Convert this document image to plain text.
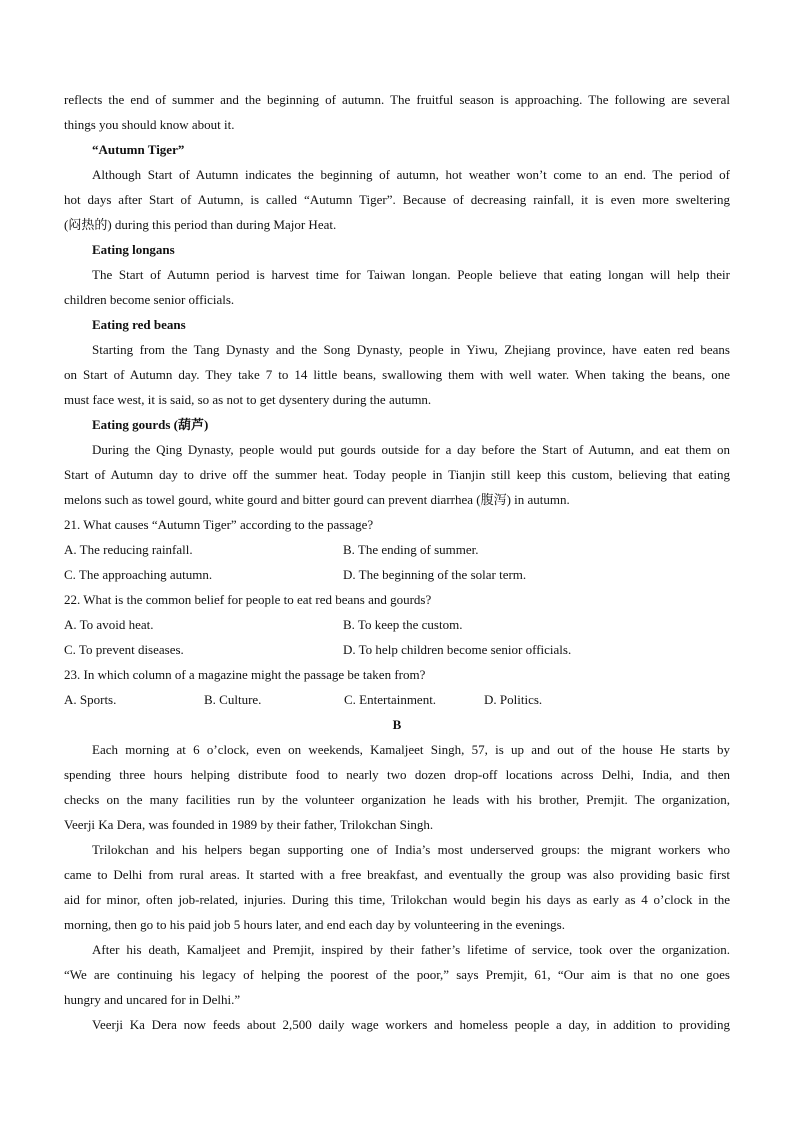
reflects the end of summer and the beginning of autumn. The fruitful season is approaching. The following are several
things you should know about it.
“Autumn Tiger”
Although Start of Autumn indicates the beginning of autumn, hot weather won’t come to an end. The period of
hot days after Start of Autumn, is called “Autumn Tiger”. Because of decreasing rainfall, it is even more sweltering
(闷热的) during this period than during Major Heat.
Eating longans
The Start of Autumn period is harvest time for Taiwan longan. People believe that eating longan will help their
children become senior officials.
Eating red beans
Starting from the Tang Dynasty and the Song Dynasty, people in Yiwu, Zhejiang province, have eaten red beans
on Start of Autumn day. They take 7 to 14 little beans, swallowing them with well water. When taking the beans, one
must face west, it is said, so as not to get dysentery during the autumn.
Eating gourds (葫芦)
During the Qing Dynasty, people would put gourds outside for a day before the Start of Autumn, and eat them on
Start of Autumn day to drive off the summer heat. Today people in Tianjin still keep this custom, believing that eating
melons such as towel gourd, white gourd and bitter gourd can prevent diarrhea (腹泻) in autumn.
21. What causes “Autumn Tiger” according to the passage?
A. The reducing rainfall.	B. The ending of summer.
C. The approaching autumn.	D. The beginning of the solar term.
22. What is the common belief for people to eat red beans and gourds?
A. To avoid heat.	B. To keep the custom.
C. To prevent diseases.	D. To help children become senior officials.
23. In which column of a magazine might the passage be taken from?
A. Sports.	B. Culture.	C. Entertainment.	D. Politics.
B
Each morning at 6 o’clock, even on weekends, Kamaljeet Singh, 57, is up and out of the house He starts by
spending three hours helping distribute food to nearly two dozen drop-off locations across Delhi, India, and then
checks on the many facilities run by the volunteer organization he leads with his brother, Premjit. The organization,
Veerji Ka Dera, was founded in 1989 by their father, Trilokchan Singh.
Trilokchan and his helpers began supporting one of India’s most underserved groups: the migrant workers who
came to Delhi from rural areas. It started with a free breakfast, and eventually the group was also providing basic first
aid for minor, often job-related, injuries. During this time, Trilokchan would begin his days as early as 4 o’clock in the
morning, then go to his paid job 5 hours later, and end each day by volunteering in the evenings.
After his death, Kamaljeet and Premjit, inspired by their father’s lifetime of service, took over the organization.
“We are continuing his legacy of helping the poorest of the poor,” says Premjit, 61, “Our aim is that no one goes
hungry and uncared for in Delhi.”
Veerji Ka Dera now feeds about 2,500 daily wage workers and homeless people a day, in addition to providing
